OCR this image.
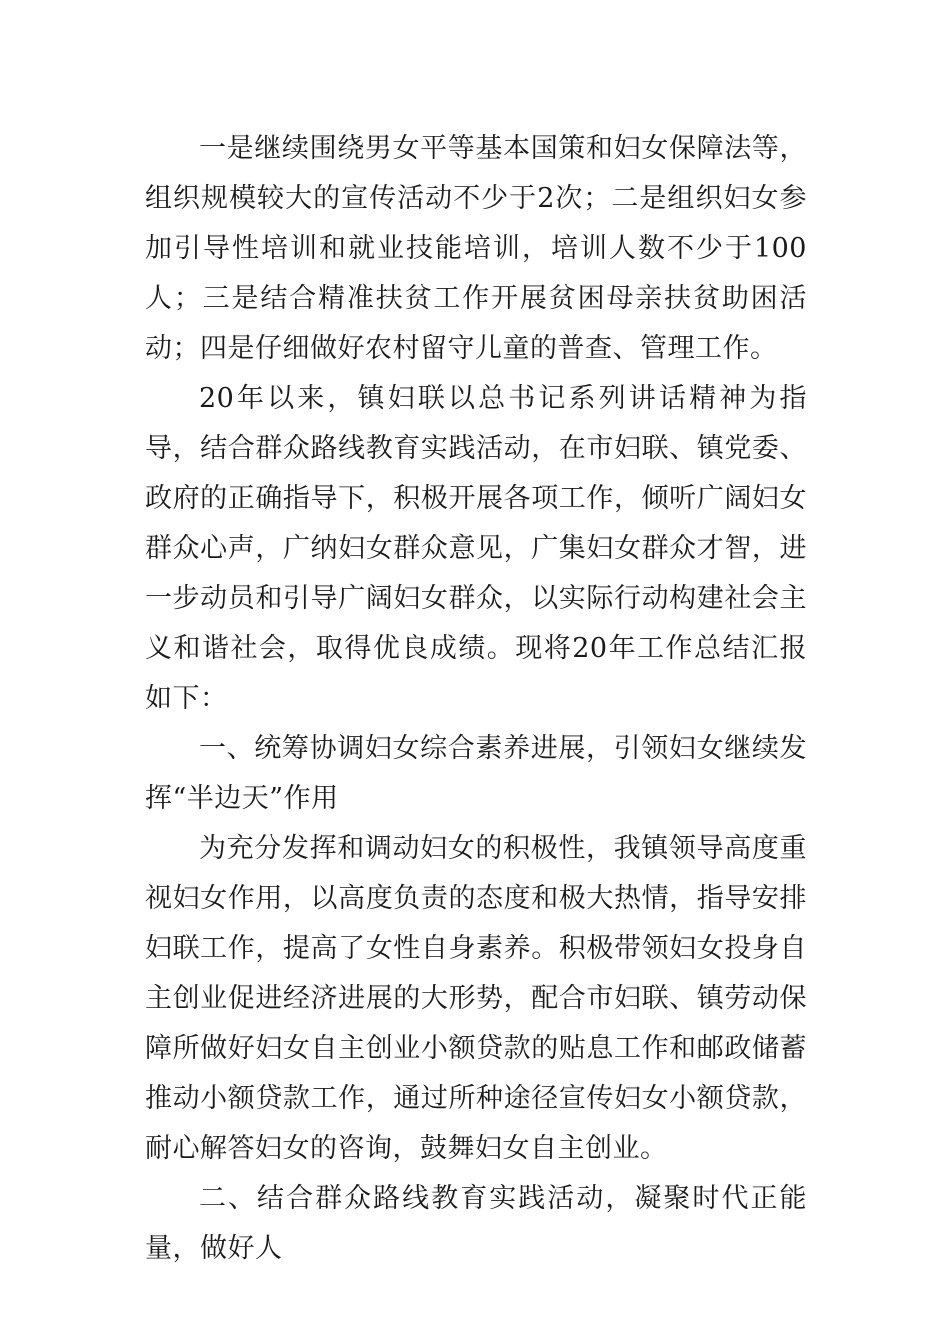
一是继续围绕男女平等基本国策和妇女保障法等，组织规模较大的宣传活动不少于2次；二是组织妇女参加引导性培训和就业技能培训，培训人数不少于100人；三是结合精准扶贫工作开展贫困母亲扶贫助困活动；四是仔细做好农村留守儿童的普查、管理工作。

20年以来，镇妇联以总书记系列讲话精神为指导，结合群众路线教育实践活动，在市妇联、镇党委、政府的正确指导下，积极开展各项工作，倾听广阔妇女群众心声，广纳妇女群众意见，广集妇女群众才智，进一步动员和引导广阔妇女群众，以实际行动构建社会主义和谐社会，取得优良成绩。现将20年工作总结汇报如下：

一、统筹协调妇女综合素养进展，引领妇女继续发挥“半边天”作用

为充分发挥和调动妇女的积极性，我镇领导高度重视妇女作用，以高度负责的态度和极大热情，指导安排妇联工作，提高了女性自身素养。积极带领妇女投身自主创业促进经济进展的大形势，配合市妇联、镇劳动保障所做好妇女自主创业小额贷款的贴息工作和邮政储蓄推动小额贷款工作，通过所种途径宣传妇女小额贷款，耐心解答妇女的咨询，鼓舞妇女自主创业。

二、结合群众路线教育实践活动，凝聚时代正能量，做好人
